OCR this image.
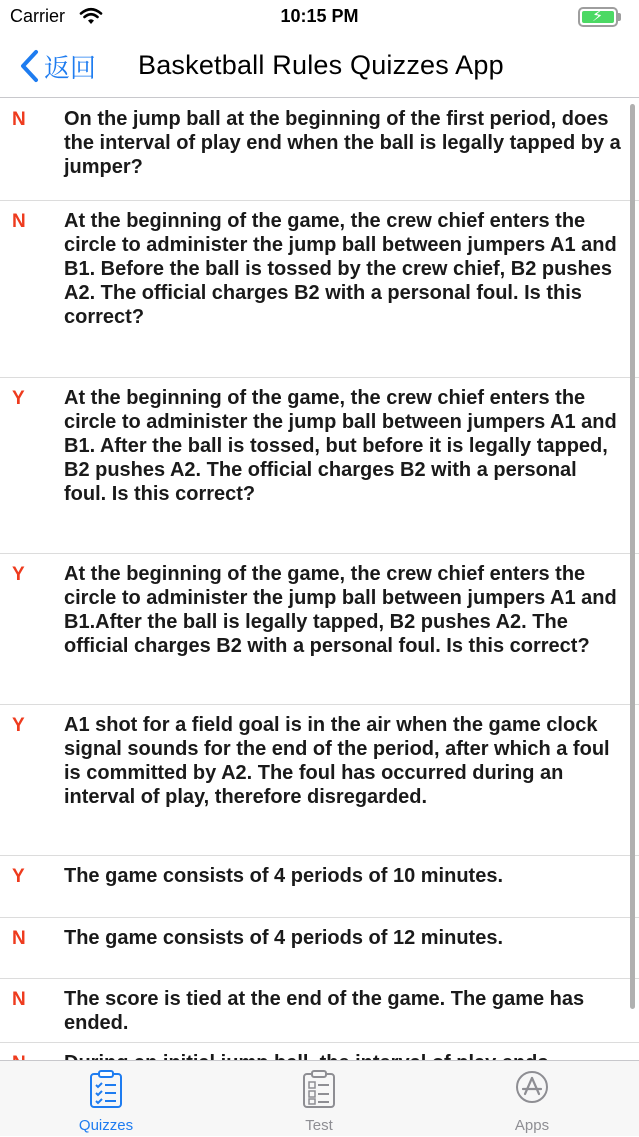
Carrier	10:15 PM	⚡
返回 Basketball Rules Quizzes App
N On the jump ball at the beginning of the first period, does the interval of play end when the ball is legally tapped by a jumper?

N At the beginning of the game, the crew chief enters the circle to administer the jump ball between jumpers A1 and B1. Before the ball is tossed by the crew chief, B2 pushes A2. The official charges B2 with a personal foul. Is this correct?

Y At the beginning of the game, the crew chief enters the circle to administer the jump ball between jumpers A1 and B1. After the ball is tossed, but before it is legally tapped, B2 pushes A2. The official charges B2 with a personal foul. Is this correct?

Y At the beginning of the game, the crew chief enters the circle to administer the jump ball between jumpers A1 and B1.After the ball is legally tapped, B2 pushes A2. The official charges B2 with a personal foul. Is this correct?

Y A1 shot for a field goal is in the air when the game clock signal sounds for the end of the period, after which a foul is committed by A2. The foul has occurred during an interval of play, therefore disregarded.

Y The game consists of 4 periods of 10 minutes.

N The game consists of 4 periods of 12 minutes.

N The score is tied at the end of the game. The game has ended.

Quizzes	Test	Apps
